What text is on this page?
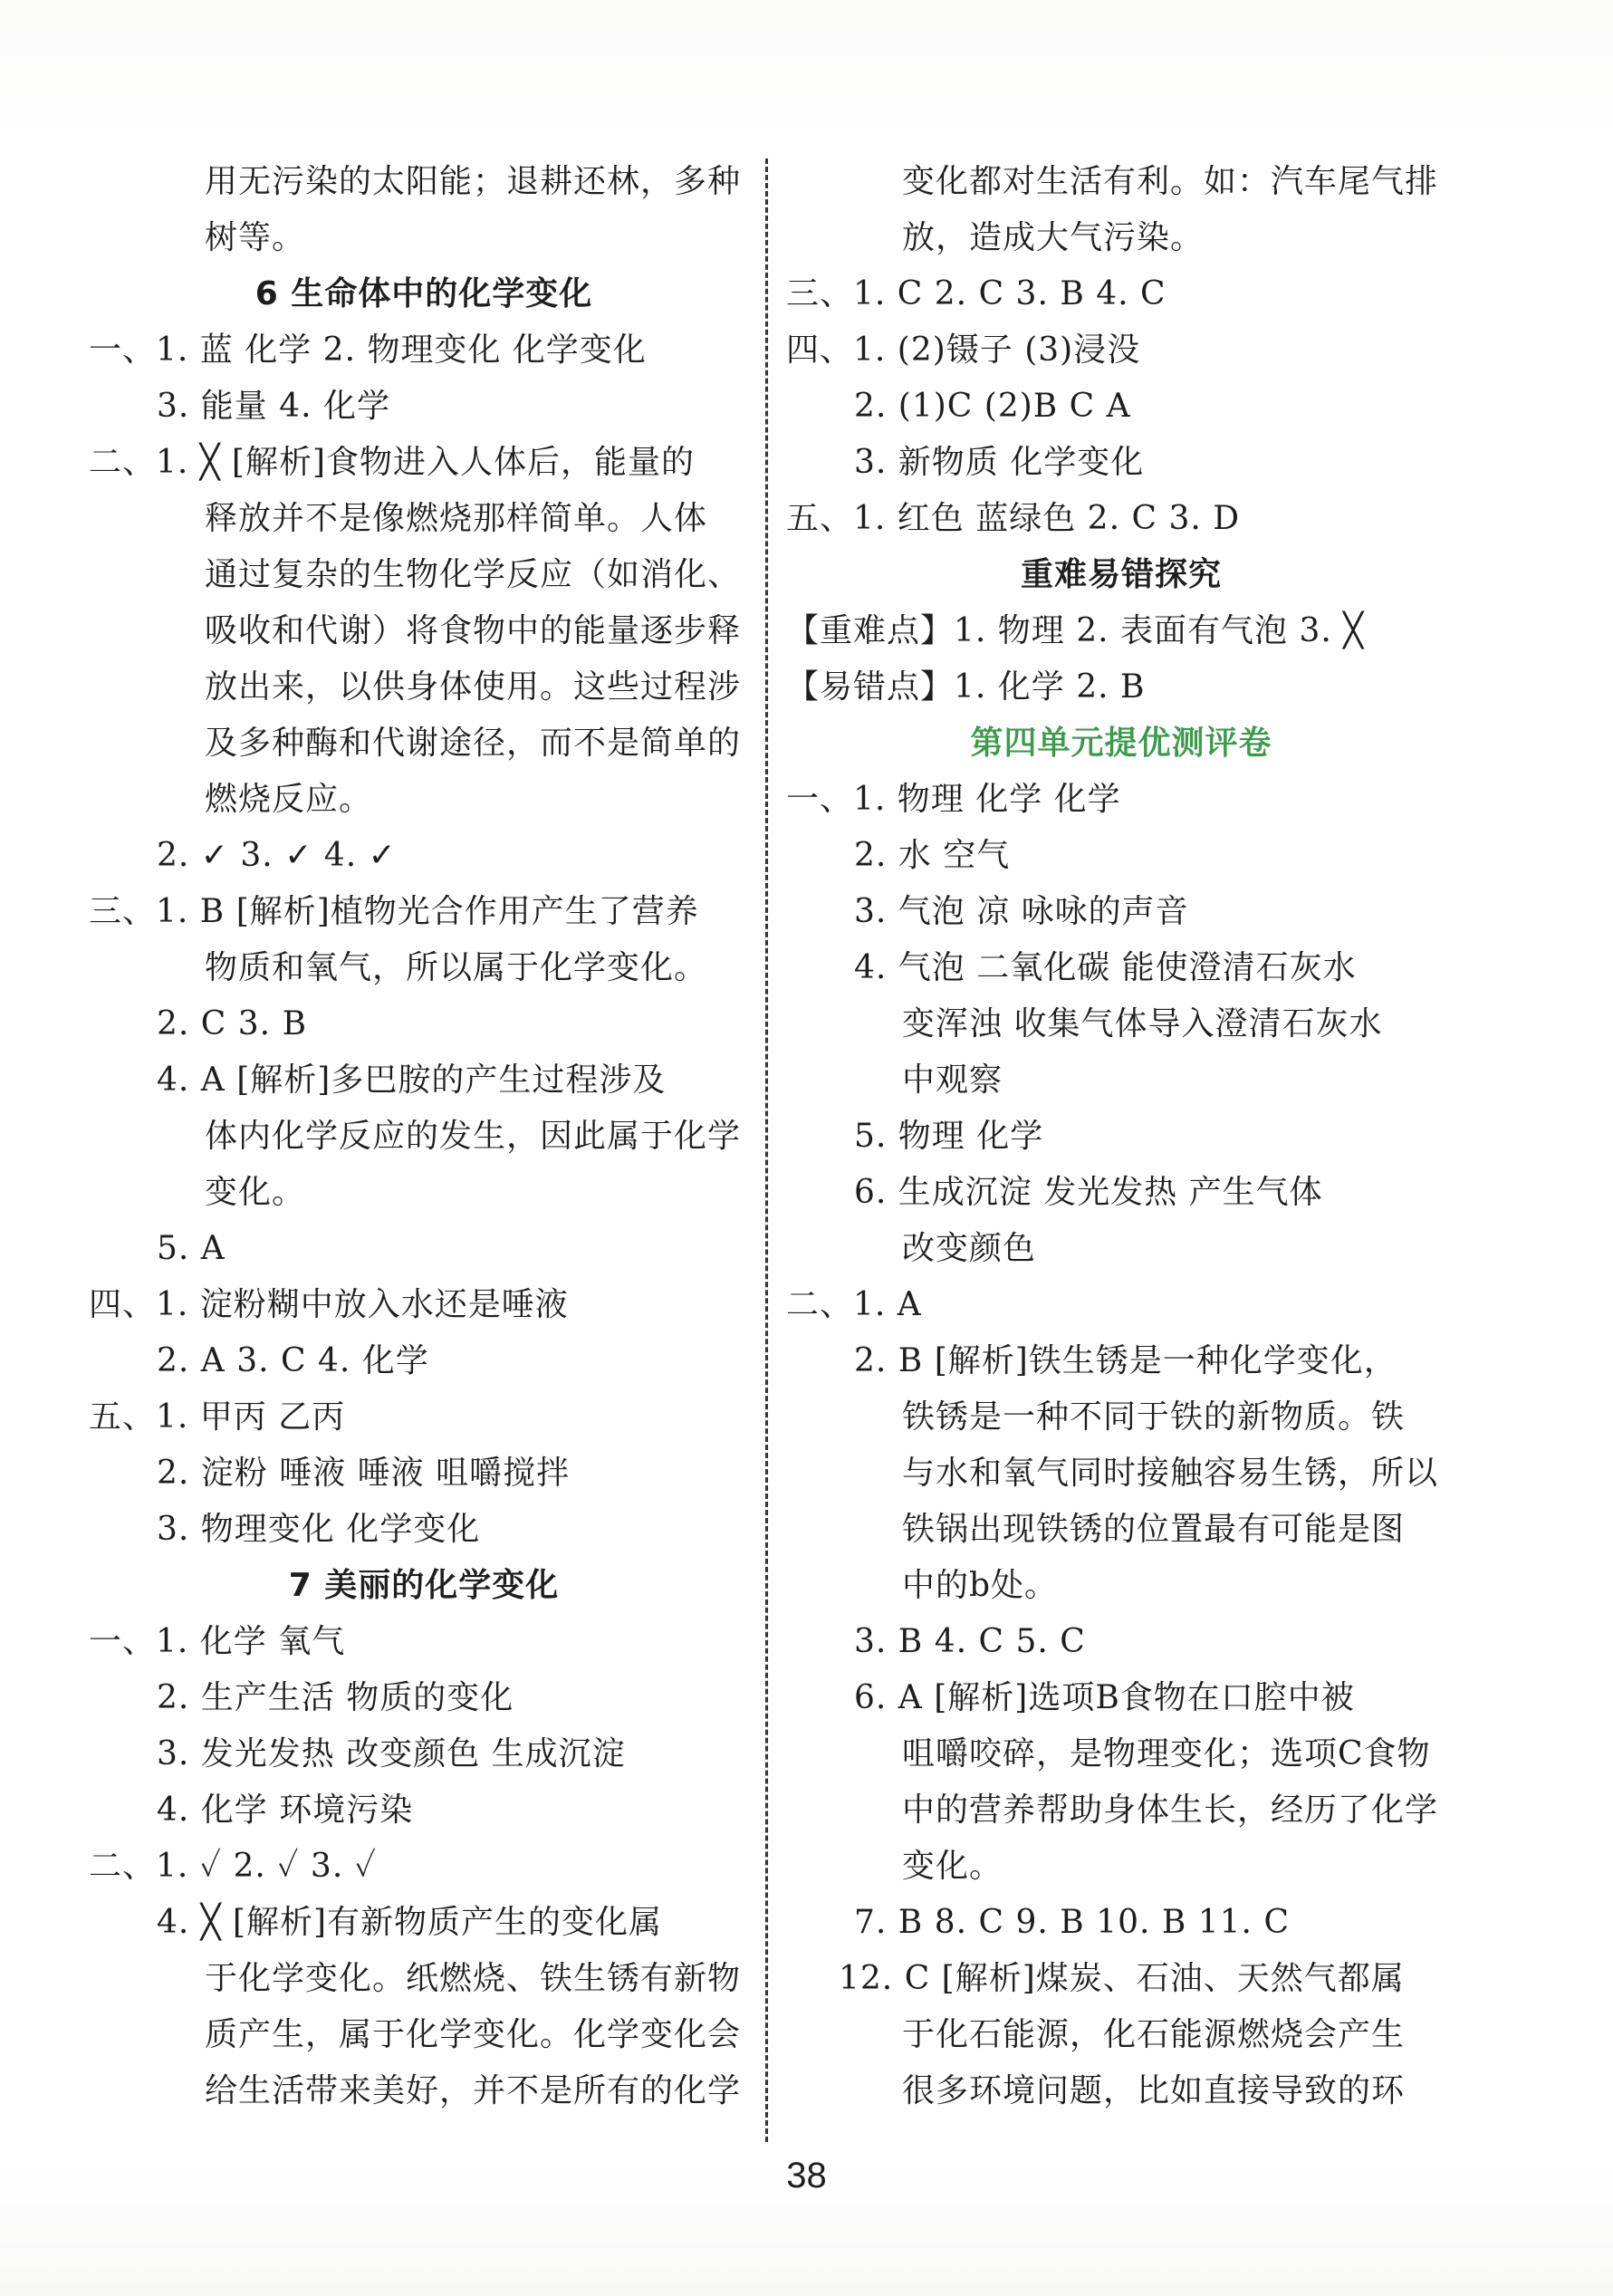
用无污染的太阳能；退耕还林，多种
树等。
6 生命体中的化学变化
一、1. 蓝 化学 2. 物理变化 化学变化
3. 能量 4. 化学
二、1. ╳ [解析]食物进入人体后，能量的
释放并不是像燃烧那样简单。人体
通过复杂的生物化学反应（如消化、
吸收和代谢）将食物中的能量逐步释
放出来，以供身体使用。这些过程涉
及多种酶和代谢途径，而不是简单的
燃烧反应。
2. ✓ 3. ✓ 4. ✓
三、1. B [解析]植物光合作用产生了营养
物质和氧气，所以属于化学变化。
2. C 3. B
4. A [解析]多巴胺的产生过程涉及
体内化学反应的发生，因此属于化学
变化。
5. A
四、1. 淀粉糊中放入水还是唾液
2. A 3. C 4. 化学
五、1. 甲丙 乙丙
2. 淀粉 唾液 唾液 咀嚼搅拌
3. 物理变化 化学变化
7 美丽的化学变化
一、1. 化学 氧气
2. 生产生活 物质的变化
3. 发光发热 改变颜色 生成沉淀
4. 化学 环境污染
二、1. ✓ 2. ✓ 3. ✓
4. ╳ [解析]有新物质产生的变化属
于化学变化。纸燃烧、铁生锈有新物
质产生，属于化学变化。化学变化会
给生活带来美好，并不是所有的化学
变化都对生活有利。如：汽车尾气排
放，造成大气污染。
三、1. C 2. C 3. B 4. C
四、1. (2)镊子 (3)浸没
2. (1)C (2)B C A
3. 新物质 化学变化
五、1. 红色 蓝绿色 2. C 3. D
重难易错探究
【重难点】1. 物理 2. 表面有气泡 3. ╳
【易错点】1. 化学 2. B
第四单元提优测评卷
一、1. 物理 化学 化学
2. 水 空气
3. 气泡 凉 咏咏的声音
4. 气泡 二氧化碳 能使澄清石灰水
变浑浊 收集气体导入澄清石灰水
中观察
5. 物理 化学
6. 生成沉淀 发光发热 产生气体
改变颜色
二、1. A
2. B [解析]铁生锈是一种化学变化，
铁锈是一种不同于铁的新物质。铁
与水和氧气同时接触容易生锈，所以
铁锅出现铁锈的位置最有可能是图
中的b处。
3. B 4. C 5. C
6. A [解析]选项B食物在口腔中被
咀嚼咬碎，是物理变化；选项C食物
中的营养帮助身体生长，经历了化学
变化。
7. B 8. C 9. B 10. B 11. C
12. C [解析]煤炭、石油、天然气都属
于化石能源，化石能源燃烧会产生
很多环境问题，比如直接导致的环
38
